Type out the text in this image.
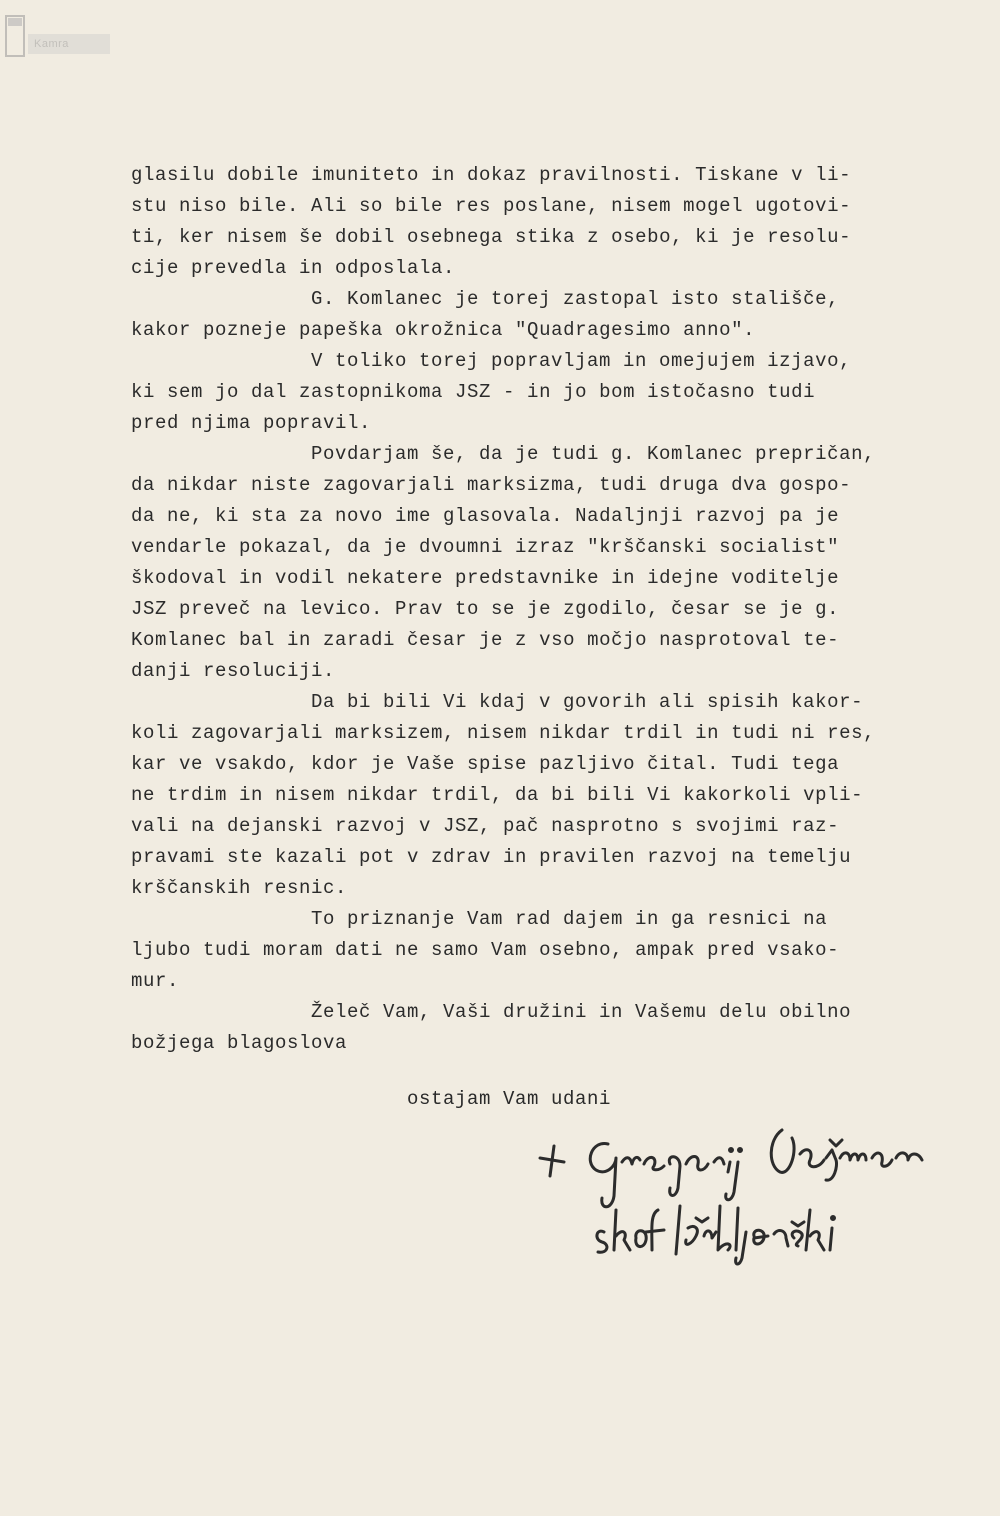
Kamra
glasilu dobile imuniteto in dokaz pravilnosti. Tiskane v li-
stu niso bile. Ali so bile res poslane, nisem mogel ugotovi-
ti, ker nisem še dobil osebnega stika z osebo, ki je resolu-
cije prevedla in odposlala.
G. Komlanec je torej zastopal isto stališče,
kakor pozneje papeška okrožnica "Quadragesimo anno".
V toliko torej popravljam in omejujem izjavo,
ki sem jo dal zastopnikoma JSZ - in jo bom istočasno tudi
pred njima popravil.
Povdarjam še, da je tudi g. Komlanec prepričan,
da nikdar niste zagovarjali marksizma, tudi druga dva gospo-
da ne, ki sta za novo ime glasovala. Nadaljnji razvoj pa je
vendarle pokazal, da je dvoumni izraz "krščanski socialist"
škodoval in vodil nekatere predstavnike in idejne voditelje
JSZ preveč na levico. Prav to se je zgodilo, česar se je g.
Komlanec bal in zaradi česar je z vso močjo nasprotoval te-
danji resoluciji.
Da bi bili Vi kdaj v govorih ali spisih kakor-
koli zagovarjali marksizem, nisem nikdar trdil in tudi ni res,
kar ve vsakdo, kdor je Vaše spise pazljivo čital. Tudi tega
ne trdim in nisem nikdar trdil, da bi bili Vi kakorkoli vpli-
vali na dejanski razvoj v JSZ, pač nasprotno s svojimi raz-
pravami ste kazali pot v zdrav in pravilen razvoj na temelju
krščanskih resnic.
To priznanje Vam rad dajem in ga resnici na
ljubo tudi moram dati ne samo Vam osebno, ampak pred vsako-
mur.
Želeč Vam, Vaši družini in Vašemu delu obilno
božjega blagoslova
ostajam Vam udani
